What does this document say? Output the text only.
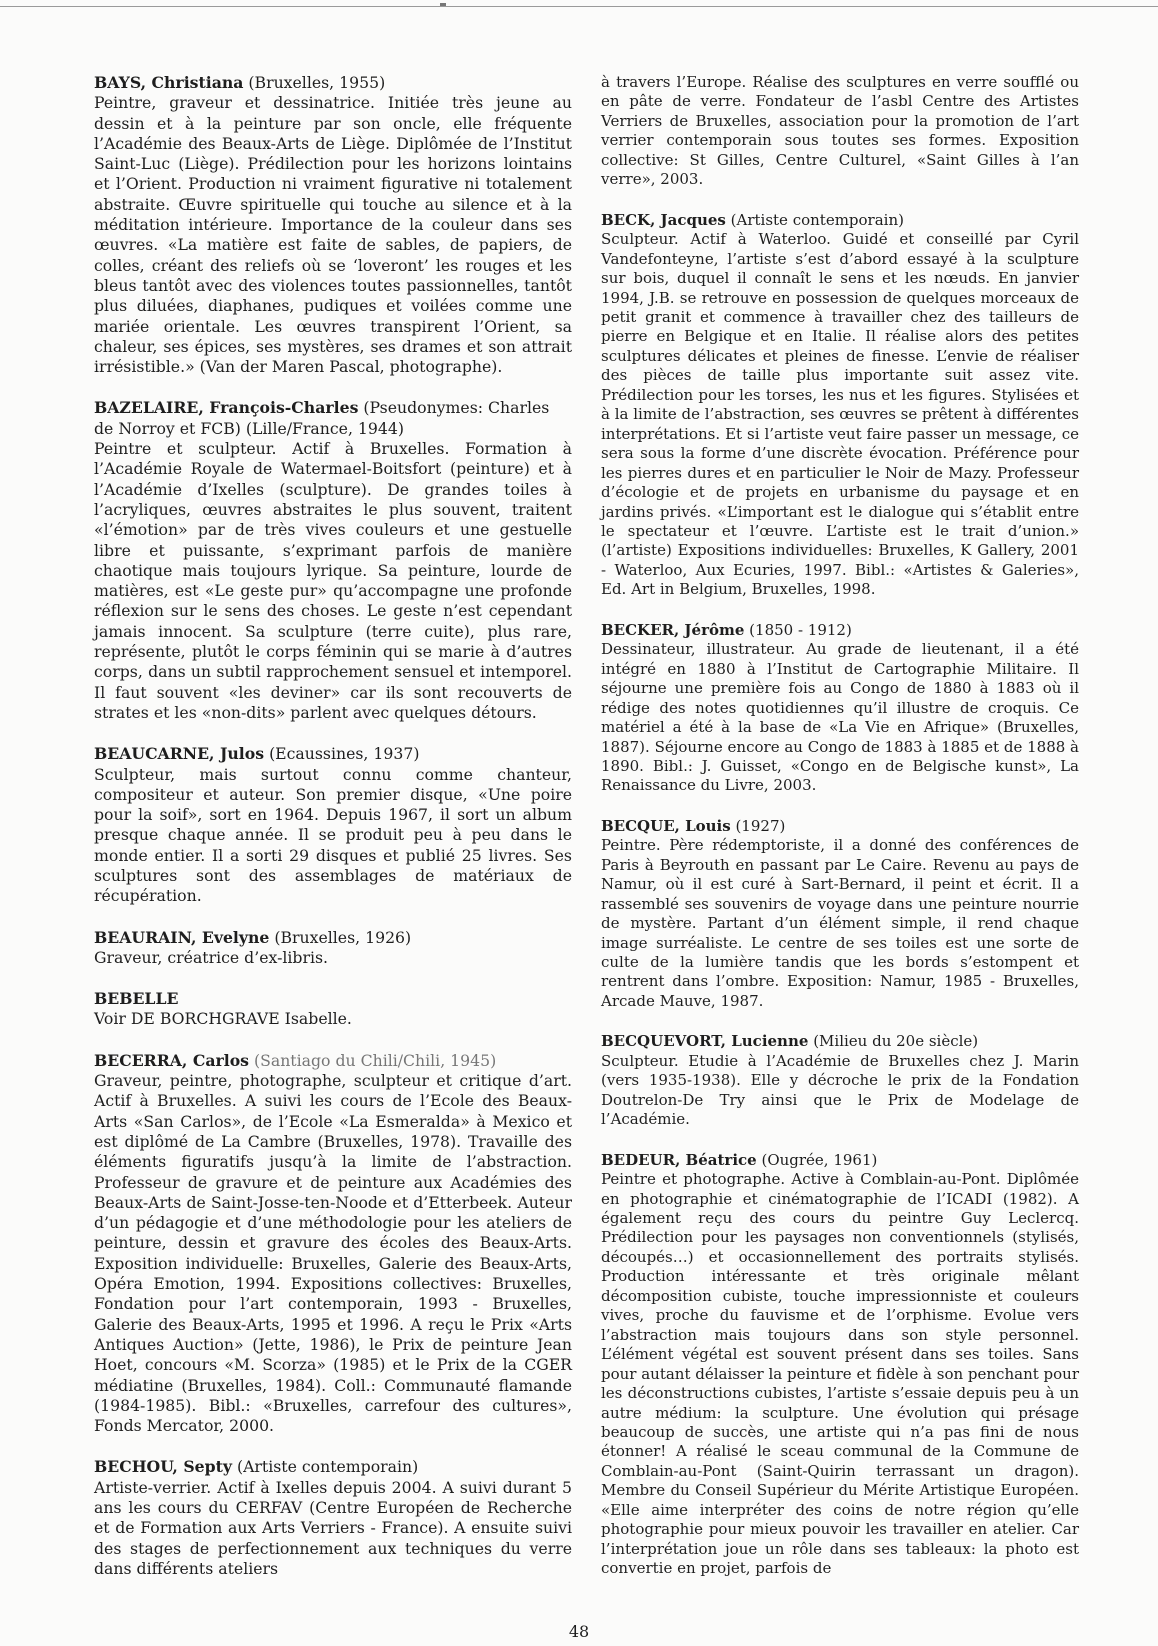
BAYS, Christiana (Bruxelles, 1955)

Peintre, graveur et dessinatrice. Initiée très jeune au dessin et à la peinture par son oncle, elle fréquente l’Académie des Beaux-Arts de Liège. Diplômée de l’Institut Saint-Luc (Liège). Prédilection pour les horizons lointains et l’Orient. Production ni vraiment figurative ni totalement abstraite. Œuvre spirituelle qui touche au silence et à la méditation intérieure. Importance de la couleur dans ses œuvres. «La matière est faite de sables, de papiers, de colles, créant des reliefs où se ‘loveront’ les rouges et les bleus tantôt avec des violences toutes passionnelles, tantôt plus diluées, diaphanes, pudiques et voilées comme une mariée orientale. Les œuvres transpirent l’Orient, sa chaleur, ses épices, ses mystères, ses drames et son attrait irrésistible.» (Van der Maren Pascal, photographe).

BAZELAIRE, François-Charles (Pseudonymes: Charles de Norroy et FCB) (Lille/France, 1944)

Peintre et sculpteur. Actif à Bruxelles. Formation à l’Académie Royale de Watermael-Boitsfort (peinture) et à l’Académie d’Ixelles (sculpture). De grandes toiles à l’acryliques, œuvres abstraites le plus souvent, traitent «l’émotion» par de très vives couleurs et une gestuelle libre et puissante, s’exprimant parfois de manière chaotique mais toujours lyrique. Sa peinture, lourde de matières, est «Le geste pur» qu’accompagne une profonde réflexion sur le sens des choses. Le geste n’est cependant jamais innocent. Sa sculpture (terre cuite), plus rare, représente, plutôt le corps féminin qui se marie à d’autres corps, dans un subtil rapprochement sensuel et intemporel. Il faut souvent «les deviner» car ils sont recouverts de strates et les «non-dits» parlent avec quelques détours.

BEAUCARNE, Julos (Ecaussines, 1937)

Sculpteur, mais surtout connu comme chanteur, compositeur et auteur. Son premier disque, «Une poire pour la soif», sort en 1964. Depuis 1967, il sort un album presque chaque année. Il se produit peu à peu dans le monde entier. Il a sorti 29 disques et publié 25 livres. Ses sculptures sont des assemblages de matériaux de récupération.

BEAURAIN, Evelyne (Bruxelles, 1926)

Graveur, créatrice d’ex-libris.

BEBELLE

Voir DE BORCHGRAVE Isabelle.

BECERRA, Carlos (Santiago du Chili/Chili, 1945)

Graveur, peintre, photographe, sculpteur et critique d’art. Actif à Bruxelles. A suivi les cours de l’Ecole des Beaux-Arts «San Carlos», de l’Ecole «La Esmeralda» à Mexico et est diplômé de La Cambre (Bruxelles, 1978). Travaille des éléments figuratifs jusqu’à la limite de l’abstraction. Professeur de gravure et de peinture aux Académies des Beaux-Arts de Saint-Josse-ten-Noode et d’Etterbeek. Auteur d’un pédagogie et d’une méthodologie pour les ateliers de peinture, dessin et gravure des écoles des Beaux-Arts. Exposition individuelle: Bruxelles, Galerie des Beaux-Arts, Opéra Emotion, 1994. Expositions collectives: Bruxelles, Fondation pour l’art contemporain, 1993 - Bruxelles, Galerie des Beaux-Arts, 1995 et 1996. A reçu le Prix «Arts Antiques Auction» (Jette, 1986), le Prix de peinture Jean Hoet, concours «M. Scorza» (1985) et le Prix de la CGER médiatine (Bruxelles, 1984). Coll.: Communauté flamande (1984-1985). Bibl.: «Bruxelles, carrefour des cultures», Fonds Mercator, 2000.

BECHOU, Septy (Artiste contemporain)

Artiste-verrier. Actif à Ixelles depuis 2004. A suivi durant 5 ans les cours du CERFAV (Centre Européen de Recherche et de Formation aux Arts Verriers - France). A ensuite suivi des stages de perfectionnement aux techniques du verre dans différents ateliers

à travers l’Europe. Réalise des sculptures en verre soufflé ou en pâte de verre. Fondateur de l’asbl Centre des Artistes Verriers de Bruxelles, association pour la promotion de l’art verrier contemporain sous toutes ses formes. Exposition collective: St Gilles, Centre Culturel, «Saint Gilles à l’an verre», 2003.

BECK, Jacques (Artiste contemporain)

Sculpteur. Actif à Waterloo. Guidé et conseillé par Cyril Vandefonteyne, l’artiste s’est d’abord essayé à la sculpture sur bois, duquel il connaît le sens et les nœuds. En janvier 1994, J.B. se retrouve en possession de quelques morceaux de petit granit et commence à travailler chez des tailleurs de pierre en Belgique et en Italie. Il réalise alors des petites sculptures délicates et pleines de finesse. L’envie de réaliser des pièces de taille plus importante suit assez vite. Prédilection pour les torses, les nus et les figures. Stylisées et à la limite de l’abstraction, ses œuvres se prêtent à différentes interprétations. Et si l’artiste veut faire passer un message, ce sera sous la forme d’une discrète évocation. Préférence pour les pierres dures et en particulier le Noir de Mazy. Professeur d’écologie et de projets en urbanisme du paysage et en jardins privés. «L’important est le dialogue qui s’établit entre le spectateur et l’œuvre. L’artiste est le trait d’union.» (l’artiste) Expositions individuelles: Bruxelles, K Gallery, 2001 - Waterloo, Aux Ecuries, 1997. Bibl.: «Artistes & Galeries», Ed. Art in Belgium, Bruxelles, 1998.

BECKER, Jérôme (1850 - 1912)

Dessinateur, illustrateur. Au grade de lieutenant, il a été intégré en 1880 à l’Institut de Cartographie Militaire. Il séjourne une première fois au Congo de 1880 à 1883 où il rédige des notes quotidiennes qu’il illustre de croquis. Ce matériel a été à la base de «La Vie en Afrique» (Bruxelles, 1887). Séjourne encore au Congo de 1883 à 1885 et de 1888 à 1890. Bibl.: J. Guisset, «Congo en de Belgische kunst», La Renaissance du Livre, 2003.

BECQUE, Louis (1927)

Peintre. Père rédemptoriste, il a donné des conférences de Paris à Beyrouth en passant par Le Caire. Revenu au pays de Namur, où il est curé à Sart-Bernard, il peint et écrit. Il a rassemblé ses souvenirs de voyage dans une peinture nourrie de mystère. Partant d’un élément simple, il rend chaque image surréaliste. Le centre de ses toiles est une sorte de culte de la lumière tandis que les bords s’estompent et rentrent dans l’ombre. Exposition: Namur, 1985 - Bruxelles, Arcade Mauve, 1987.

BECQUEVORT, Lucienne (Milieu du 20e siècle)

Sculpteur. Etudie à l’Académie de Bruxelles chez J. Marin (vers 1935-1938). Elle y décroche le prix de la Fondation Doutrelon-De Try ainsi que le Prix de Modelage de l’Académie.

BEDEUR, Béatrice (Ougrée, 1961)

Peintre et photographe. Active à Comblain-au-Pont. Diplômée en photographie et cinématographie de l’ICADI (1982). A également reçu des cours du peintre Guy Leclercq. Prédilection pour les paysages non conventionnels (stylisés, découpés…) et occasionnellement des portraits stylisés. Production intéressante et très originale mêlant décomposition cubiste, touche impressionniste et couleurs vives, proche du fauvisme et de l’orphisme. Evolue vers l’abstraction mais toujours dans son style personnel. L’élément végétal est souvent présent dans ses toiles. Sans pour autant délaisser la peinture et fidèle à son penchant pour les déconstructions cubistes, l’artiste s’essaie depuis peu à un autre médium: la sculpture. Une évolution qui présage beaucoup de succès, une artiste qui n’a pas fini de nous étonner! A réalisé le sceau communal de la Commune de Comblain-au-Pont (Saint-Quirin terrassant un dragon). Membre du Conseil Supérieur du Mérite Artistique Européen. «Elle aime interpréter des coins de notre région qu’elle photographie pour mieux pouvoir les travailler en atelier. Car l’interprétation joue un rôle dans ses tableaux: la photo est convertie en projet, parfois de

48
